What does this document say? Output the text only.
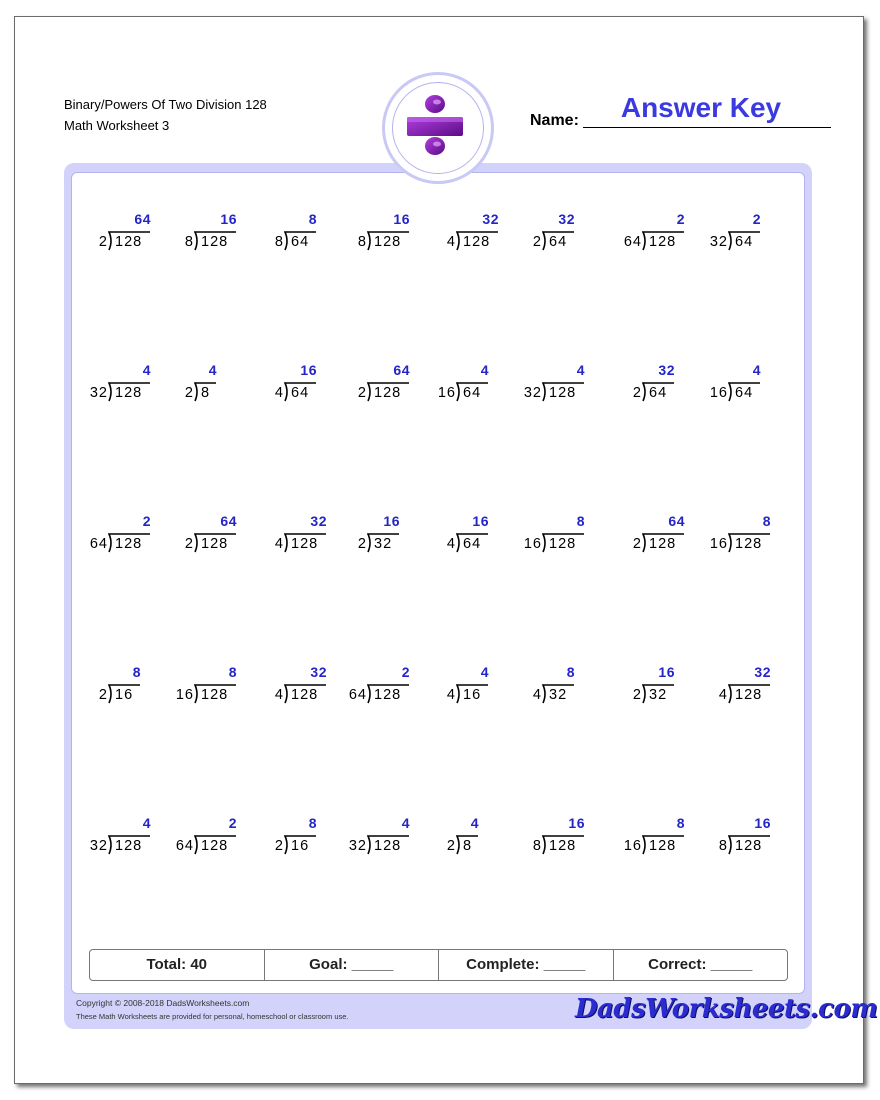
Binary/Powers Of Two Division 128
Math Worksheet 3	Name:	Answer Key
2 128
64
8 128
16
8 64
8
8 128
16
4 128
32
2 64
32
64 128
2
32 64
2
32 128
4
2 8
4
4 64
16
2 128
64
16 64
4
32 128
4
2 64
32
16 64
4
64 128
2
2 128
64
4 128
32
2 32
16
4 64
16
16 128
8
2 128
64
16 128
8
2 16
8
16 128
8
4 128
32
64 128
2
4 16
4
4 32
8
2 32
16
4 128
32
32 128
4
64 128
2
2 16
8
32 128
4
2 8
4
8 128
16
16 128
8
8 128
16
Total: 40	Goal: _____	Complete: _____	Correct: _____
Copyright © 2008-2018 DadsWorksheets.com
These Math Worksheets are provided for personal, homeschool or classroom use.	DadsWorksheets.com
